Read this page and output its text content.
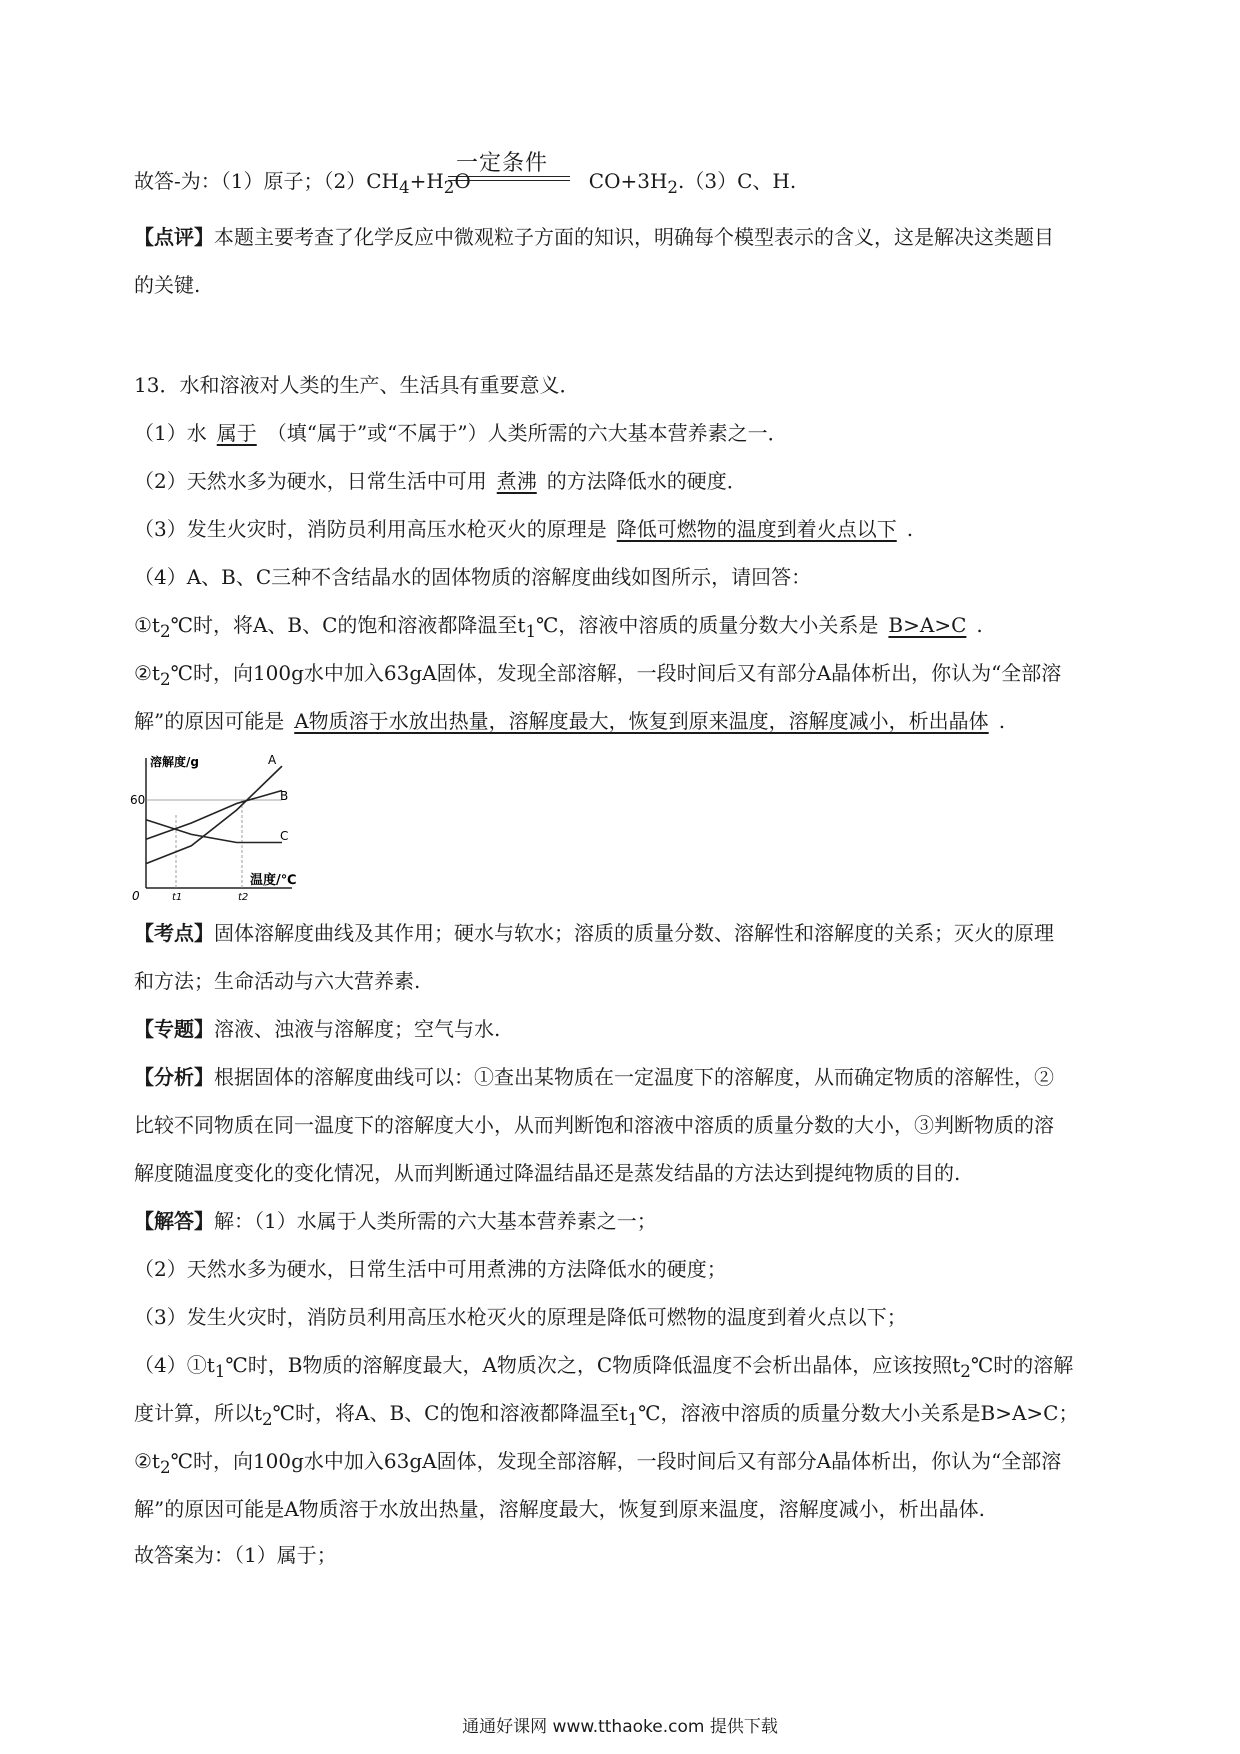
故答-为：（1）原子；$(2)CH_4+H_2O$	$CO+3H_2.(3)C$、H.
一定条件
【点评】本题主要考查了化学反应中微观粒子方面的知识，明确每个模型表示的含义，这是解决这类题目
的关键.
13．水和溶液对人类的生产、生活具有重要意义．
（1）水 属于 （填“属于”或“不属于”）人类所需的六大基本营养素之一．
（2）天然水多为硬水，日常生活中可用 煮沸 的方法降低水的硬度．
（3）发生火灾时，消防员利用高压水枪灭火的原理是 降低可燃物的温度到着火点以下 .
（4）A、B、C三种不含结晶水的固体物质的溶解度曲线如图所示，请回答：
$①t_2℃$时，将A、B、C的饱和溶液都降温至$t_1℃$，溶液中溶质的质量分数大小关系是 B>A>C .
$②t_2℃$时，向100g水中加入63gA固体，发现全部溶解，一段时间后又有部分A晶体析出，你认为“全部溶
解”的原因可能是 A物质溶于水放出热量，溶解度最大，恢复到原来温度，溶解度减小，析出晶体 .
溶解度/g
温度/℃
60
0	t1	t2
A
B
C
【考点】固体溶解度曲线及其作用；硬水与软水；溶质的质量分数、溶解性和溶解度的关系；灭火的原理
和方法；生命活动与六大营养素.
【专题】溶液、浊液与溶解度；空气与水.
【分析】根据固体的溶解度曲线可以：①查出某物质在一定温度下的溶解度，从而确定物质的溶解性，②
比较不同物质在同一温度下的溶解度大小，从而判断饱和溶液中溶质的质量分数的大小，③判断物质的溶
解度随温度变化的变化情况，从而判断通过降温结晶还是蒸发结晶的方法达到提纯物质的目的.
【解答】解：（1）水属于人类所需的六大基本营养素之一；
（2）天然水多为硬水，日常生活中可用煮沸的方法降低水的硬度；
（3）发生火灾时，消防员利用高压水枪灭火的原理是降低可燃物的温度到着火点以下；
$(4)①t_1℃$时，B物质的溶解度最大，A物质次之，C物质降低温度不会析出晶体，应该按照$t_2℃$时的溶解
度计算，所以$t_2℃$时，将A、B、C的饱和溶液都降温至$t_1℃$，溶液中溶质的质量分数大小关系是B>A>C；
$②t_2℃$时，向100g水中加入63gA固体，发现全部溶解，一段时间后又有部分A晶体析出，你认为“全部溶
解”的原因可能是A物质溶于水放出热量，溶解度最大，恢复到原来温度，溶解度减小，析出晶体.
故答案为：（1）属于；
通通好课网 www.tthaoke.com 提供下载
